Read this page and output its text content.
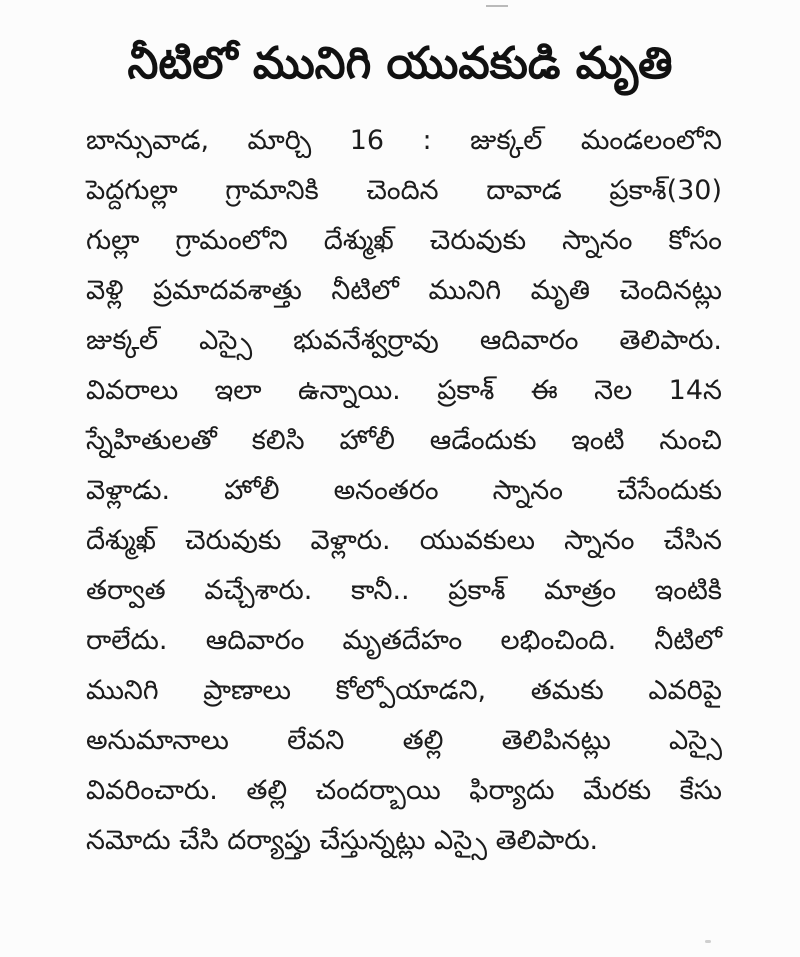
నీటిలో మునిగి యువకుడి మృతి
బాన్సువాడ, మార్చి 16 : జుక్కల్ మండలంలోని
పెద్దగుల్లా గ్రామానికి చెందిన దావాడ ప్రకాశ్(30)
గుల్లా గ్రామంలోని దేశ్ముఖ్ చెరువుకు స్నానం కోసం
వెళ్లి ప్రమాదవశాత్తు నీటిలో మునిగి మృతి చెందినట్లు
జుక్కల్ ఎస్సై భువనేశ్వర్రావు ఆదివారం తెలిపారు.
వివరాలు ఇలా ఉన్నాయి. ప్రకాశ్ ఈ నెల 14న
స్నేహితులతో కలిసి హోలీ ఆడేందుకు ఇంటి నుంచి
వెళ్లాడు. హోలీ అనంతరం స్నానం చేసేందుకు
దేశ్ముఖ్ చెరువుకు వెళ్లారు. యువకులు స్నానం చేసిన
తర్వాత వచ్చేశారు. కానీ.. ప్రకాశ్ మాత్రం ఇంటికి
రాలేదు. ఆదివారం మృతదేహం లభించింది. నీటిలో
మునిగి ప్రాణాలు కోల్పోయాడని, తమకు ఎవరిపై
అనుమానాలు లేవని తల్లి తెలిపినట్లు ఎస్సై
వివరించారు. తల్లి చందర్బాయి ఫిర్యాదు మేరకు కేసు
నమోదు చేసి దర్యాప్తు చేస్తున్నట్లు ఎస్సై తెలిపారు.
